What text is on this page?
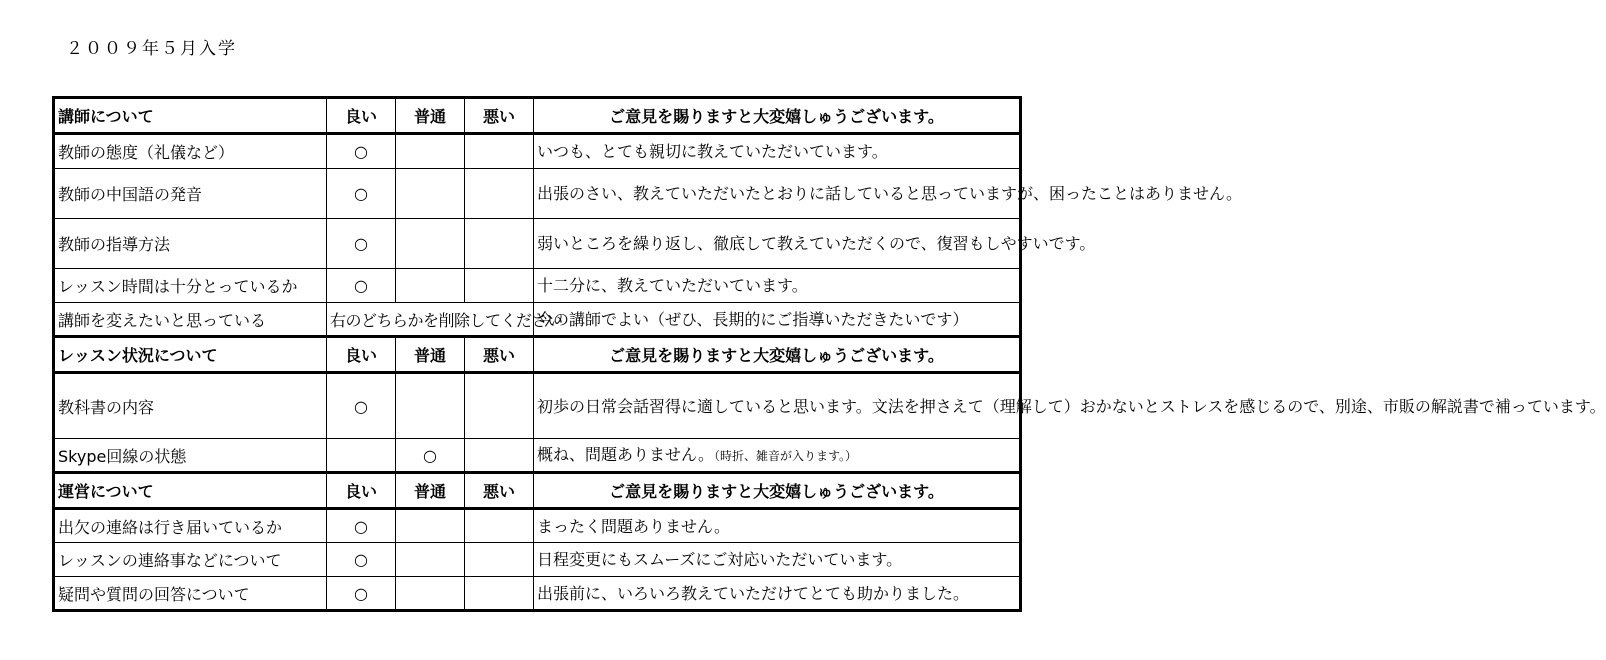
２００９年５月入学
講師について	良い	普通	悪い	ご意見を賜りますと大変嬉しゅうございます。
教師の態度（礼儀など）	○			いつも、とても親切に教えていただいています。
教師の中国語の発音	○			出張のさい、教えていただいたとおりに話していると思っていますが、困ったことはありません。
教師の指導方法	○			弱いところを繰り返し、徹底して教えていただくので、復習もしやすいです。
レッスン時間は十分とっているか	○			十二分に、教えていただいています。
講師を変えたいと思っている	右のどちらかを削除してください			今の講師でよい（ぜひ、長期的にご指導いただきたいです）
レッスン状況について	良い	普通	悪い	ご意見を賜りますと大変嬉しゅうございます。
教科書の内容	○			初歩の日常会話習得に適していると思います。文法を押さえて（理解して）おかないとストレスを感じるので、別途、市販の解説書で補っています。
Skype回線の状態		○		概ね、問題ありません。（時折、雑音が入ります。）
運営について	良い	普通	悪い	ご意見を賜りますと大変嬉しゅうございます。
出欠の連絡は行き届いているか	○			まったく問題ありません。
レッスンの連絡事などについて	○			日程変更にもスムーズにご対応いただいています。
疑問や質問の回答について	○			出張前に、いろいろ教えていただけてとても助かりました。
